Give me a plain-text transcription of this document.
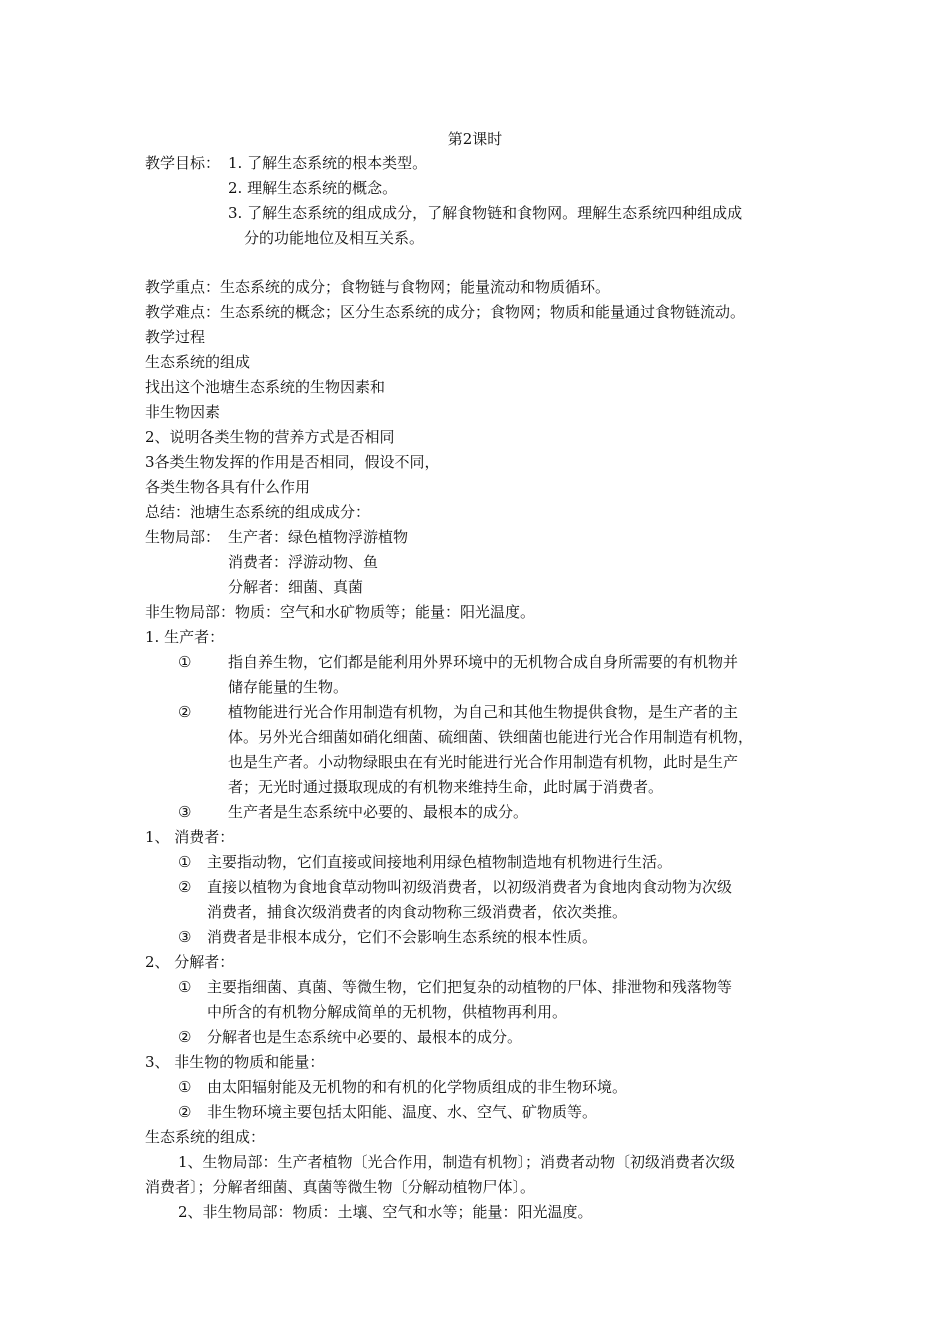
第2课时
教学目标： 1. 了解生态系统的根本类型。
2. 理解生态系统的概念。
3. 了解生态系统的组成成分，了解食物链和食物网。理解生态系统四种组成成
分的功能地位及相互关系。
教学重点：生态系统的成分；食物链与食物网；能量流动和物质循环。
教学难点：生态系统的概念；区分生态系统的成分；食物网；物质和能量通过食物链流动。
教学过程
生态系统的组成
找出这个池塘生态系统的生物因素和
非生物因素
2、说明各类生物的营养方式是否相同
3各类生物发挥的作用是否相同，假设不同，
各类生物各具有什么作用
总结：池塘生态系统的组成成分：
生物局部： 生产者：绿色植物浮游植物
消费者：浮游动物、鱼
分解者：细菌、真菌
非生物局部：物质：空气和水矿物质等；能量：阳光温度。
1. 生产者：
① 指自养生物，它们都是能利用外界环境中的无机物合成自身所需要的有机物并
储存能量的生物。
② 植物能进行光合作用制造有机物，为自己和其他生物提供食物，是生产者的主
体。另外光合细菌如硝化细菌、硫细菌、铁细菌也能进行光合作用制造有机物，
也是生产者。小动物绿眼虫在有光时能进行光合作用制造有机物，此时是生产
者；无光时通过摄取现成的有机物来维持生命，此时属于消费者。
③ 生产者是生态系统中必要的、最根本的成分。
1、 消费者：
① 主要指动物，它们直接或间接地利用绿色植物制造地有机物进行生活。
② 直接以植物为食地食草动物叫初级消费者，以初级消费者为食地肉食动物为次级
消费者，捕食次级消费者的肉食动物称三级消费者，依次类推。
③ 消费者是非根本成分，它们不会影响生态系统的根本性质。
2、 分解者：
① 主要指细菌、真菌、等微生物，它们把复杂的动植物的尸体、排泄物和残落物等
中所含的有机物分解成简单的无机物，供植物再利用。
② 分解者也是生态系统中必要的、最根本的成分。
3、 非生物的物质和能量：
① 由太阳辐射能及无机物的和有机的化学物质组成的非生物环境。
② 非生物环境主要包括太阳能、温度、水、空气、矿物质等。
生态系统的组成：
1、生物局部：生产者植物〔光合作用，制造有机物〕；消费者动物〔初级消费者次级
消费者〕；分解者细菌、真菌等微生物〔分解动植物尸体〕。
2、非生物局部：物质：土壤、空气和水等；能量：阳光温度。
